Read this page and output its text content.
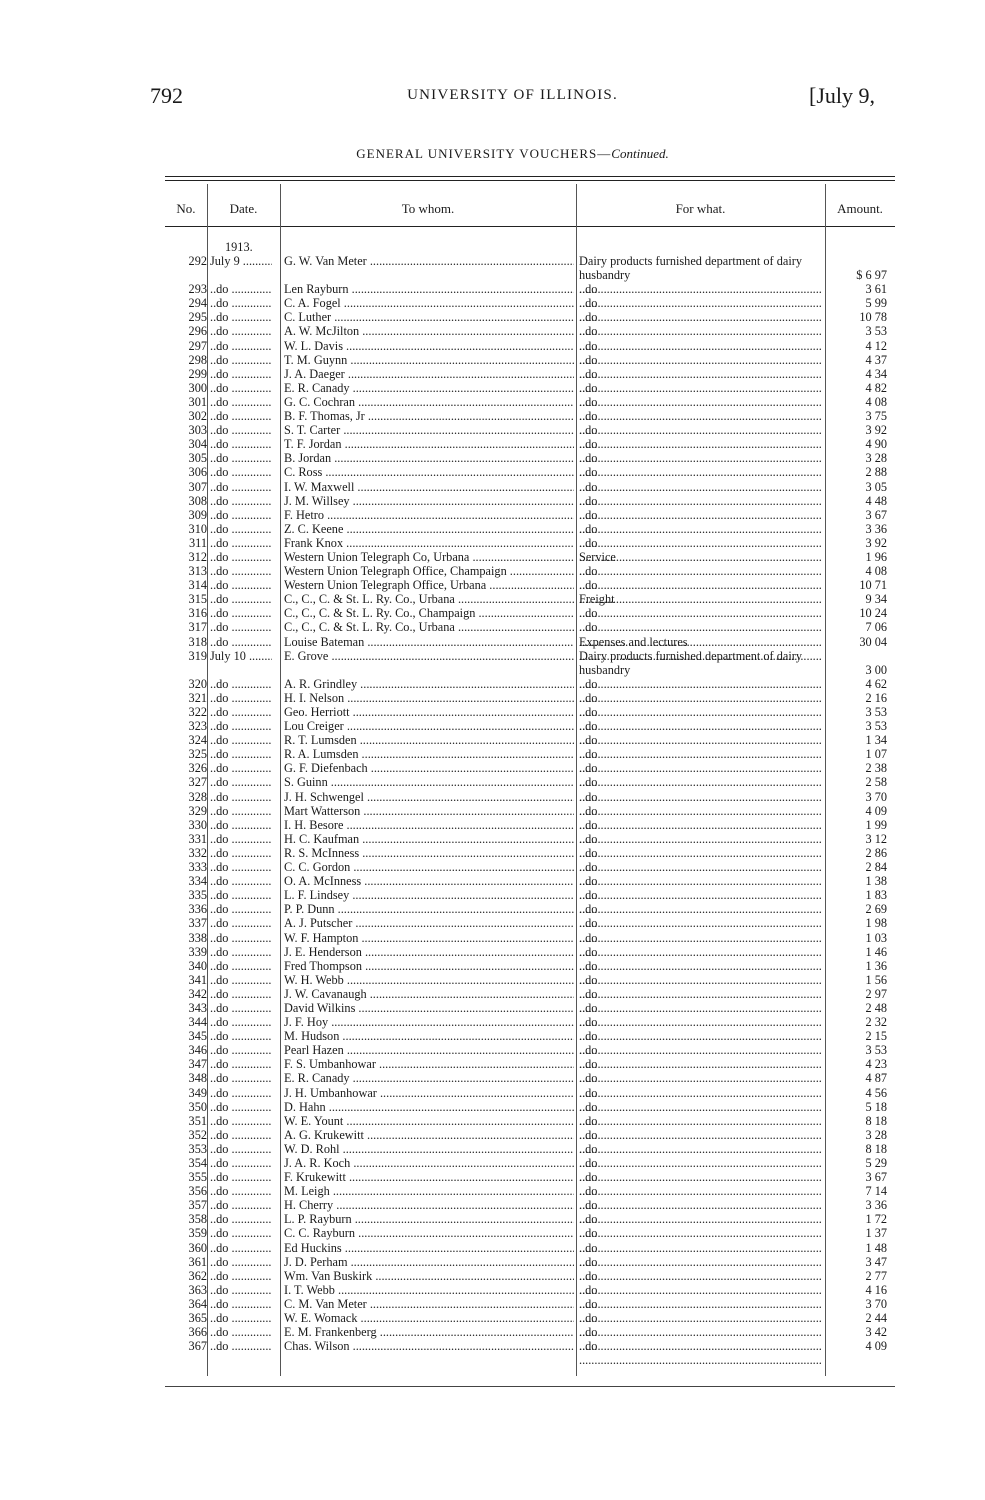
792	UNIVERSITY OF ILLINOIS.	[July 9,
GENERAL UNIVERSITY VOUCHERS—Continued.
No.	Date.	To whom.	For what.	Amount.
1913.
292 July 9 .....	G. W. Van Meter .....	Dairy products furnished department of dairy husbandry .....	$ 6 97
293 ..do .....	Len Rayburn .....	..do .....	3 61
294 ..do .....	C. A. Fogel .....	..do .....	5 99
295 ..do .....	C. Luther .....	..do .....	10 78
296 ..do .....	A. W. McJilton .....	..do .....	3 53
297 ..do .....	W. L. Davis .....	..do .....	4 12
298 ..do .....	T. M. Guynn .....	..do .....	4 37
299 ..do .....	J. A. Daeger .....	..do .....	4 34
300 ..do .....	E. R. Canady .....	..do .....	4 82
301 ..do .....	G. C. Cochran .....	..do .....	4 08
302 ..do .....	B. F. Thomas, Jr .....	..do .....	3 75
303 ..do .....	S. T. Carter .....	..do .....	3 92
304 ..do .....	T. F. Jordan .....	..do .....	4 90
305 ..do .....	B. Jordan .....	..do .....	3 28
306 ..do .....	C. Ross .....	..do .....	2 88
307 ..do .....	I. W. Maxwell .....	..do .....	3 05
308 ..do .....	J. M. Willsey .....	..do .....	4 48
309 ..do .....	F. Hetro .....	..do .....	3 67
310 ..do .....	Z. C. Keene .....	..do .....	3 36
311 ..do .....	Frank Knox .....	..do .....	3 92
312 ..do .....	Western Union Telegraph Co, Urbana .....	Service .....	1 96
313 ..do .....	Western Union Telegraph Office, Champaign .....	..do .....	4 08
314 ..do .....	Western Union Telegraph Office, Urbana .....	..do .....	10 71
315 ..do .....	C., C., C. & St. L. Ry. Co., Urbana .....	Freight .....	9 34
316 ..do .....	C., C., C. & St. L. Ry. Co., Champaign .....	..do .....	10 24
317 ..do .....	C., C., C. & St. L. Ry. Co., Urbana .....	..do .....	7 06
318 ..do .....	Louise Bateman .....	Expenses and lectures .....	30 04
319 July 10 .....	E. Grove .....	Dairy products furnished department of dairy husbandry .....	3 00
320 ..do .....	A. R. Grindley .....	..do .....	4 62
321 ..do .....	H. I. Nelson .....	..do .....	2 16
322 ..do .....	Geo. Herriott .....	..do .....	3 53
323 ..do .....	Lou Creiger .....	..do .....	3 53
324 ..do .....	R. T. Lumsden .....	..do .....	1 34
325 ..do .....	R. A. Lumsden .....	..do .....	1 07
326 ..do .....	G. F. Diefenbach .....	..do .....	2 38
327 ..do .....	S. Guinn .....	..do .....	2 58
328 ..do .....	J. H. Schwengel .....	..do .....	3 70
329 ..do .....	Mart Watterson .....	..do .....	4 09
330 ..do .....	I. H. Besore .....	..do .....	1 99
331 ..do .....	H. C. Kaufman .....	..do .....	3 12
332 ..do .....	R. S. McInness .....	..do .....	2 86
333 ..do .....	C. C. Gordon .....	..do .....	2 84
334 ..do .....	O. A. McInness .....	..do .....	1 38
335 ..do .....	L. F. Lindsey .....	..do .....	1 83
336 ..do .....	P. P. Dunn .....	..do .....	2 69
337 ..do .....	A. J. Putscher .....	..do .....	1 98
338 ..do .....	W. F. Hampton .....	..do .....	1 03
339 ..do .....	J. E. Henderson .....	..do .....	1 46
340 ..do .....	Fred Thompson .....	..do .....	1 36
341 ..do .....	W. H. Webb .....	..do .....	1 56
342 ..do .....	J. W. Cavanaugh .....	..do .....	2 97
343 ..do .....	David Wilkins .....	..do .....	2 48
344 ..do .....	J. F. Hoy .....	..do .....	2 32
345 ..do .....	M. Hudson .....	..do .....	2 15
346 ..do .....	Pearl Hazen .....	..do .....	3 53
347 ..do .....	F. S. Umbanhowar .....	..do .....	4 23
348 ..do .....	E. R. Canady .....	..do .....	4 87
349 ..do .....	J. H. Umbanhowar .....	..do .....	4 56
350 ..do .....	D. Hahn .....	..do .....	5 18
351 ..do .....	W. E. Yount .....	..do .....	8 18
352 ..do .....	A. G. Krukewitt .....	..do .....	3 28
353 ..do .....	W. D. Rohl .....	..do .....	8 18
354 ..do .....	J. A. R. Koch .....	..do .....	5 29
355 ..do .....	F. Krukewitt .....	..do .....	3 67
356 ..do .....	M. Leigh .....	..do .....	7 14
357 ..do .....	H. Cherry .....	..do .....	3 36
358 ..do .....	L. P. Rayburn .....	..do .....	1 72
359 ..do .....	C. C. Rayburn .....	..do .....	1 37
360 ..do .....	Ed Huckins .....	..do .....	1 48
361 ..do .....	J. D. Perham .....	..do .....	3 47
362 ..do .....	Wm. Van Buskirk .....	..do .....	2 77
363 ..do .....	I. T. Webb .....	..do .....	4 16
364 ..do .....	C. M. Van Meter .....	..do .....	3 70
365 ..do .....	W. E. Womack .....	..do .....	2 44
366 ..do .....	E. M. Frankenberg .....	..do .....	3 42
367 ..do .....	Chas. Wilson .....	..do .....	4 09
